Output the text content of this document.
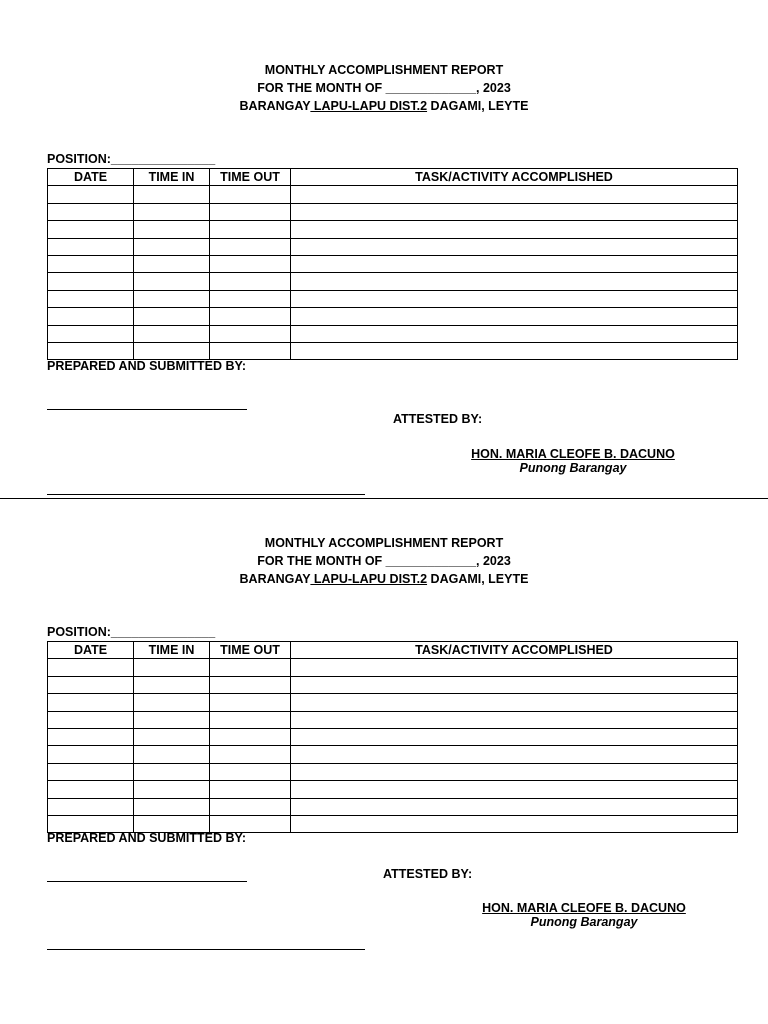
MONTHLY ACCOMPLISHMENT REPORT
FOR THE MONTH OF _____________, 2023
BARANGAY LAPU-LAPU DIST.2 DAGAMI, LEYTE
POSITION:_______________
DATE	TIME IN	TIME OUT	TASK/ACTIVITY ACCOMPLISHED

PREPARED AND SUBMITTED BY:
ATTESTED BY:
HON. MARIA CLEOFE B. DACUNO
Punong Barangay
MONTHLY ACCOMPLISHMENT REPORT
FOR THE MONTH OF _____________, 2023
BARANGAY LAPU-LAPU DIST.2 DAGAMI, LEYTE
POSITION:_______________
DATE	TIME IN	TIME OUT	TASK/ACTIVITY ACCOMPLISHED

PREPARED AND SUBMITTED BY:
ATTESTED BY:
HON. MARIA CLEOFE B. DACUNO
Punong Barangay
